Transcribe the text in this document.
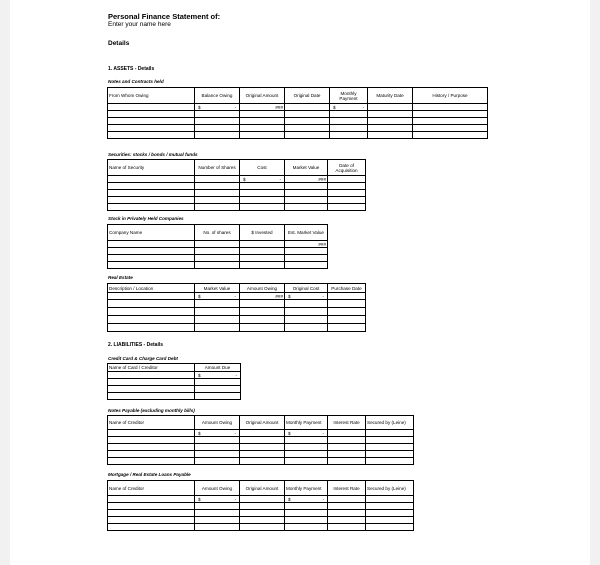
Personal Finance Statement of:
Enter your name here
Details
1. ASSETS - Details
Notes and Contracts held
From Whom Owing	Balance Owing	Original Amount	Original Date	Monthly Payment	Maturity Date	History / Purpose

	$ -	###		$ -		

Securities: stocks / bonds / mutual funds
Name of Security	Number of Shares	Cost	Market Value	Date of Acquisition

		$ -	###	

Stock in Privately Held Companies
Company Name	No. of shares	$ Invested	Est. Market Value
			###

Real Estate
Description / Location	Market Value	Amount Owing	Original Cost	Purchase Date

	$ -	###	$ -	

2. LIABILITIES - Details
Credit Card & Charge Card Debt
Name of Card / Creditor	Amount Due

	$ -

Notes Payable (excluding monthly bills)
Name of Creditor	Amount Owing	Original Amount	Monthly Payment	Interest Rate	Secured by (Leine)

	$ -		$ -		

Mortgage / Real Estate Loans Payable
Name of Creditor	Amount Owing	Original Amount	Monthly Payment	Interest Rate	Secured by (Leine)

	$ -		$ -		
